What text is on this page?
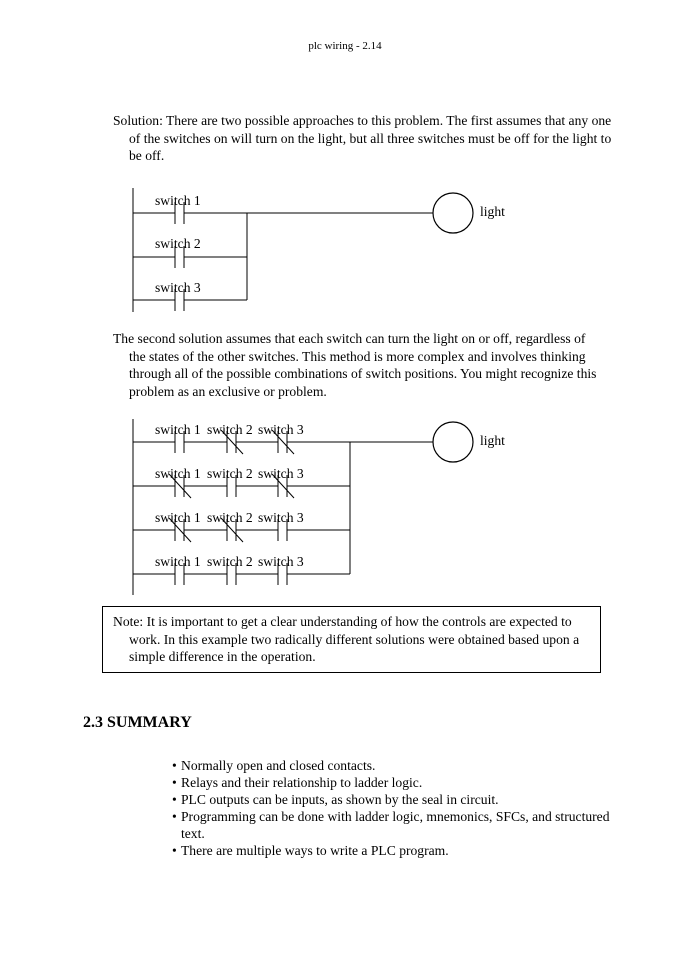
plc wiring - 2.14
Solution: There are two possible approaches to this problem. The first assumes that any one of the switches on will turn on the light, but all three switches must be off for the light to be off.
switch 1
switch 2
switch 3
light
The second solution assumes that each switch can turn the light on or off, regardless of the states of the other switches. This method is more complex and involves thinking through all of the possible combinations of switch positions. You might recognize this problem as an exclusive or problem.
light
switch 1 switch 2 switch 3
switch 1 switch 2 switch 3
switch 1 switch 2 switch 3
switch 1 switch 2 switch 3
Note: It is important to get a clear understanding of how the controls are expected to work. In this example two radically different solutions were obtained based upon a simple difference in the operation.
2.3 SUMMARY
• Normally open and closed contacts.
• Relays and their relationship to ladder logic.
• PLC outputs can be inputs, as shown by the seal in circuit.
• Programming can be done with ladder logic, mnemonics, SFCs, and structured text.
• There are multiple ways to write a PLC program.
